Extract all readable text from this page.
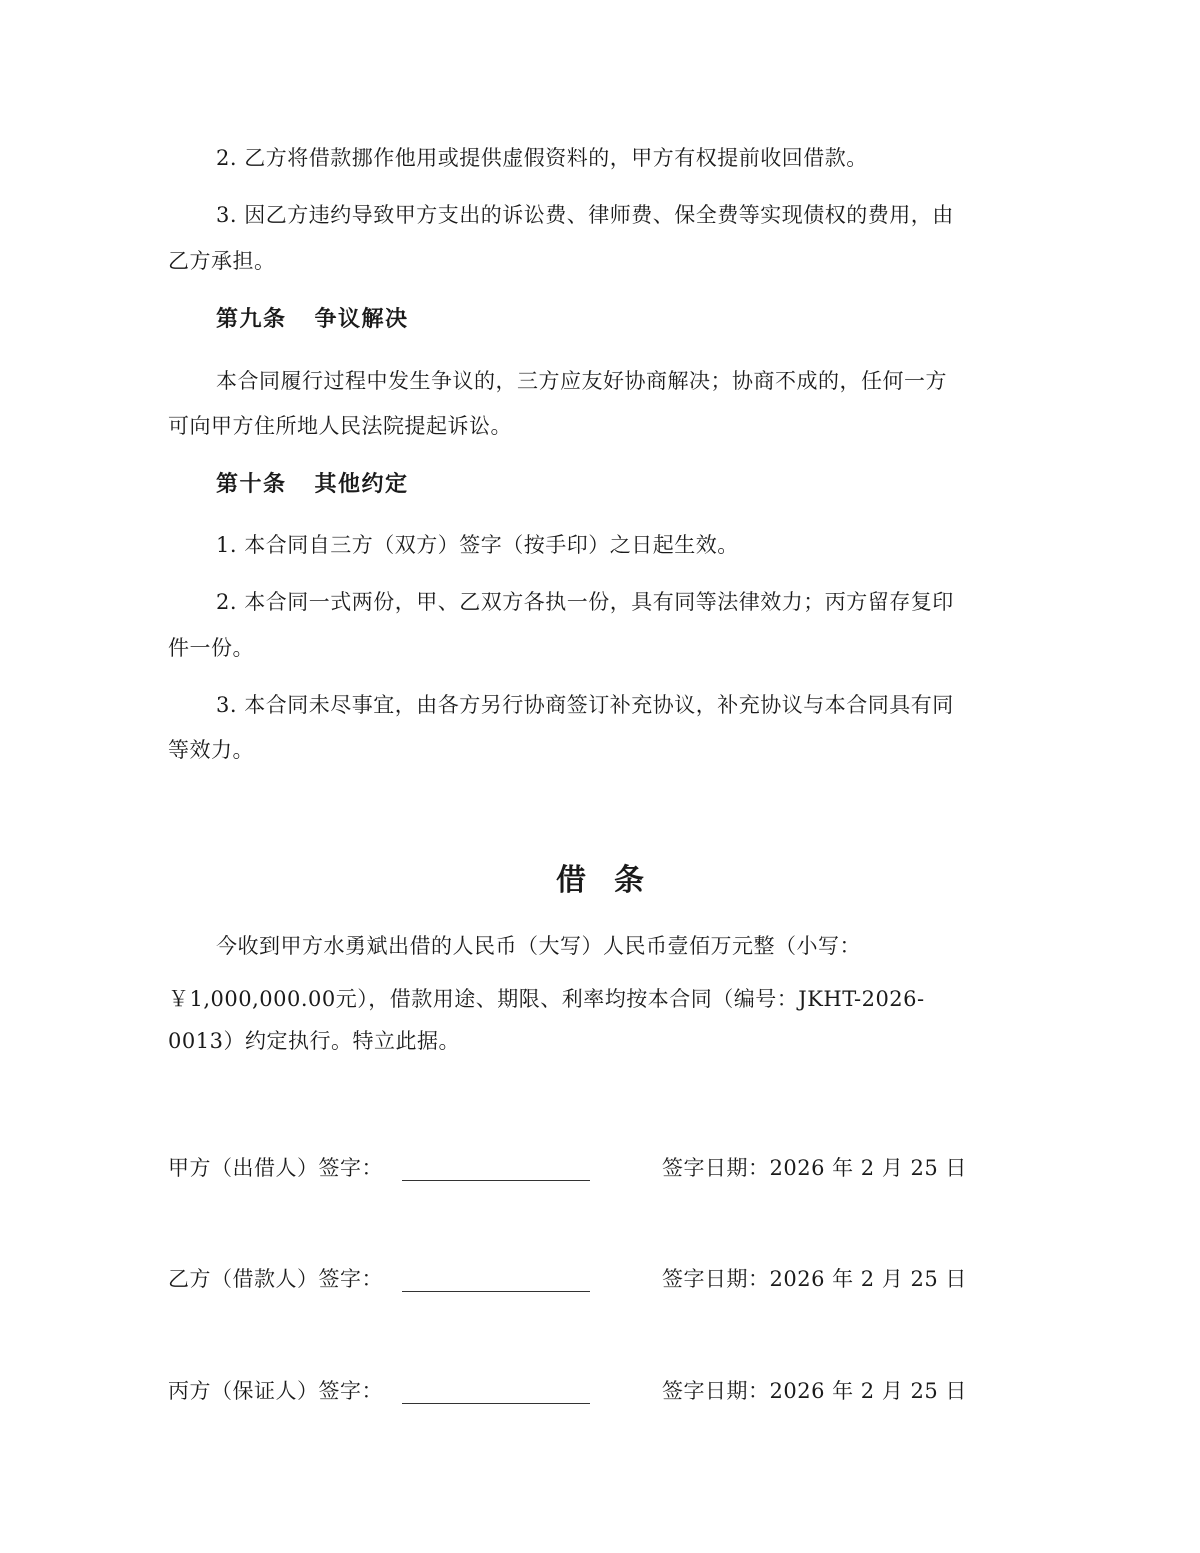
2. 乙方将借款挪作他用或提供虚假资料的，甲方有权提前收回借款。
3. 因乙方违约导致甲方支出的诉讼费、律师费、保全费等实现债权的费用，由
乙方承担。
第九条 争议解决
本合同履行过程中发生争议的，三方应友好协商解决；协商不成的，任何一方
可向甲方住所地人民法院提起诉讼。
第十条 其他约定
1. 本合同自三方（双方）签字（按手印）之日起生效。
2. 本合同一式两份，甲、乙双方各执一份，具有同等法律效力；丙方留存复印
件一份。
3. 本合同未尽事宜，由各方另行协商签订补充协议，补充协议与本合同具有同
等效力。
借条
今收到甲方水勇斌出借的人民币（大写）人民币壹佰万元整（小写：
￥1,000,000.00元），借款用途、期限、利率均按本合同（编号：JKHT-2026-
0013）约定执行。特立此据。
甲方（出借人）签字：	签字日期：2026 年 2 月 25 日
乙方（借款人）签字：	签字日期：2026 年 2 月 25 日
丙方（保证人）签字：	签字日期：2026 年 2 月 25 日
